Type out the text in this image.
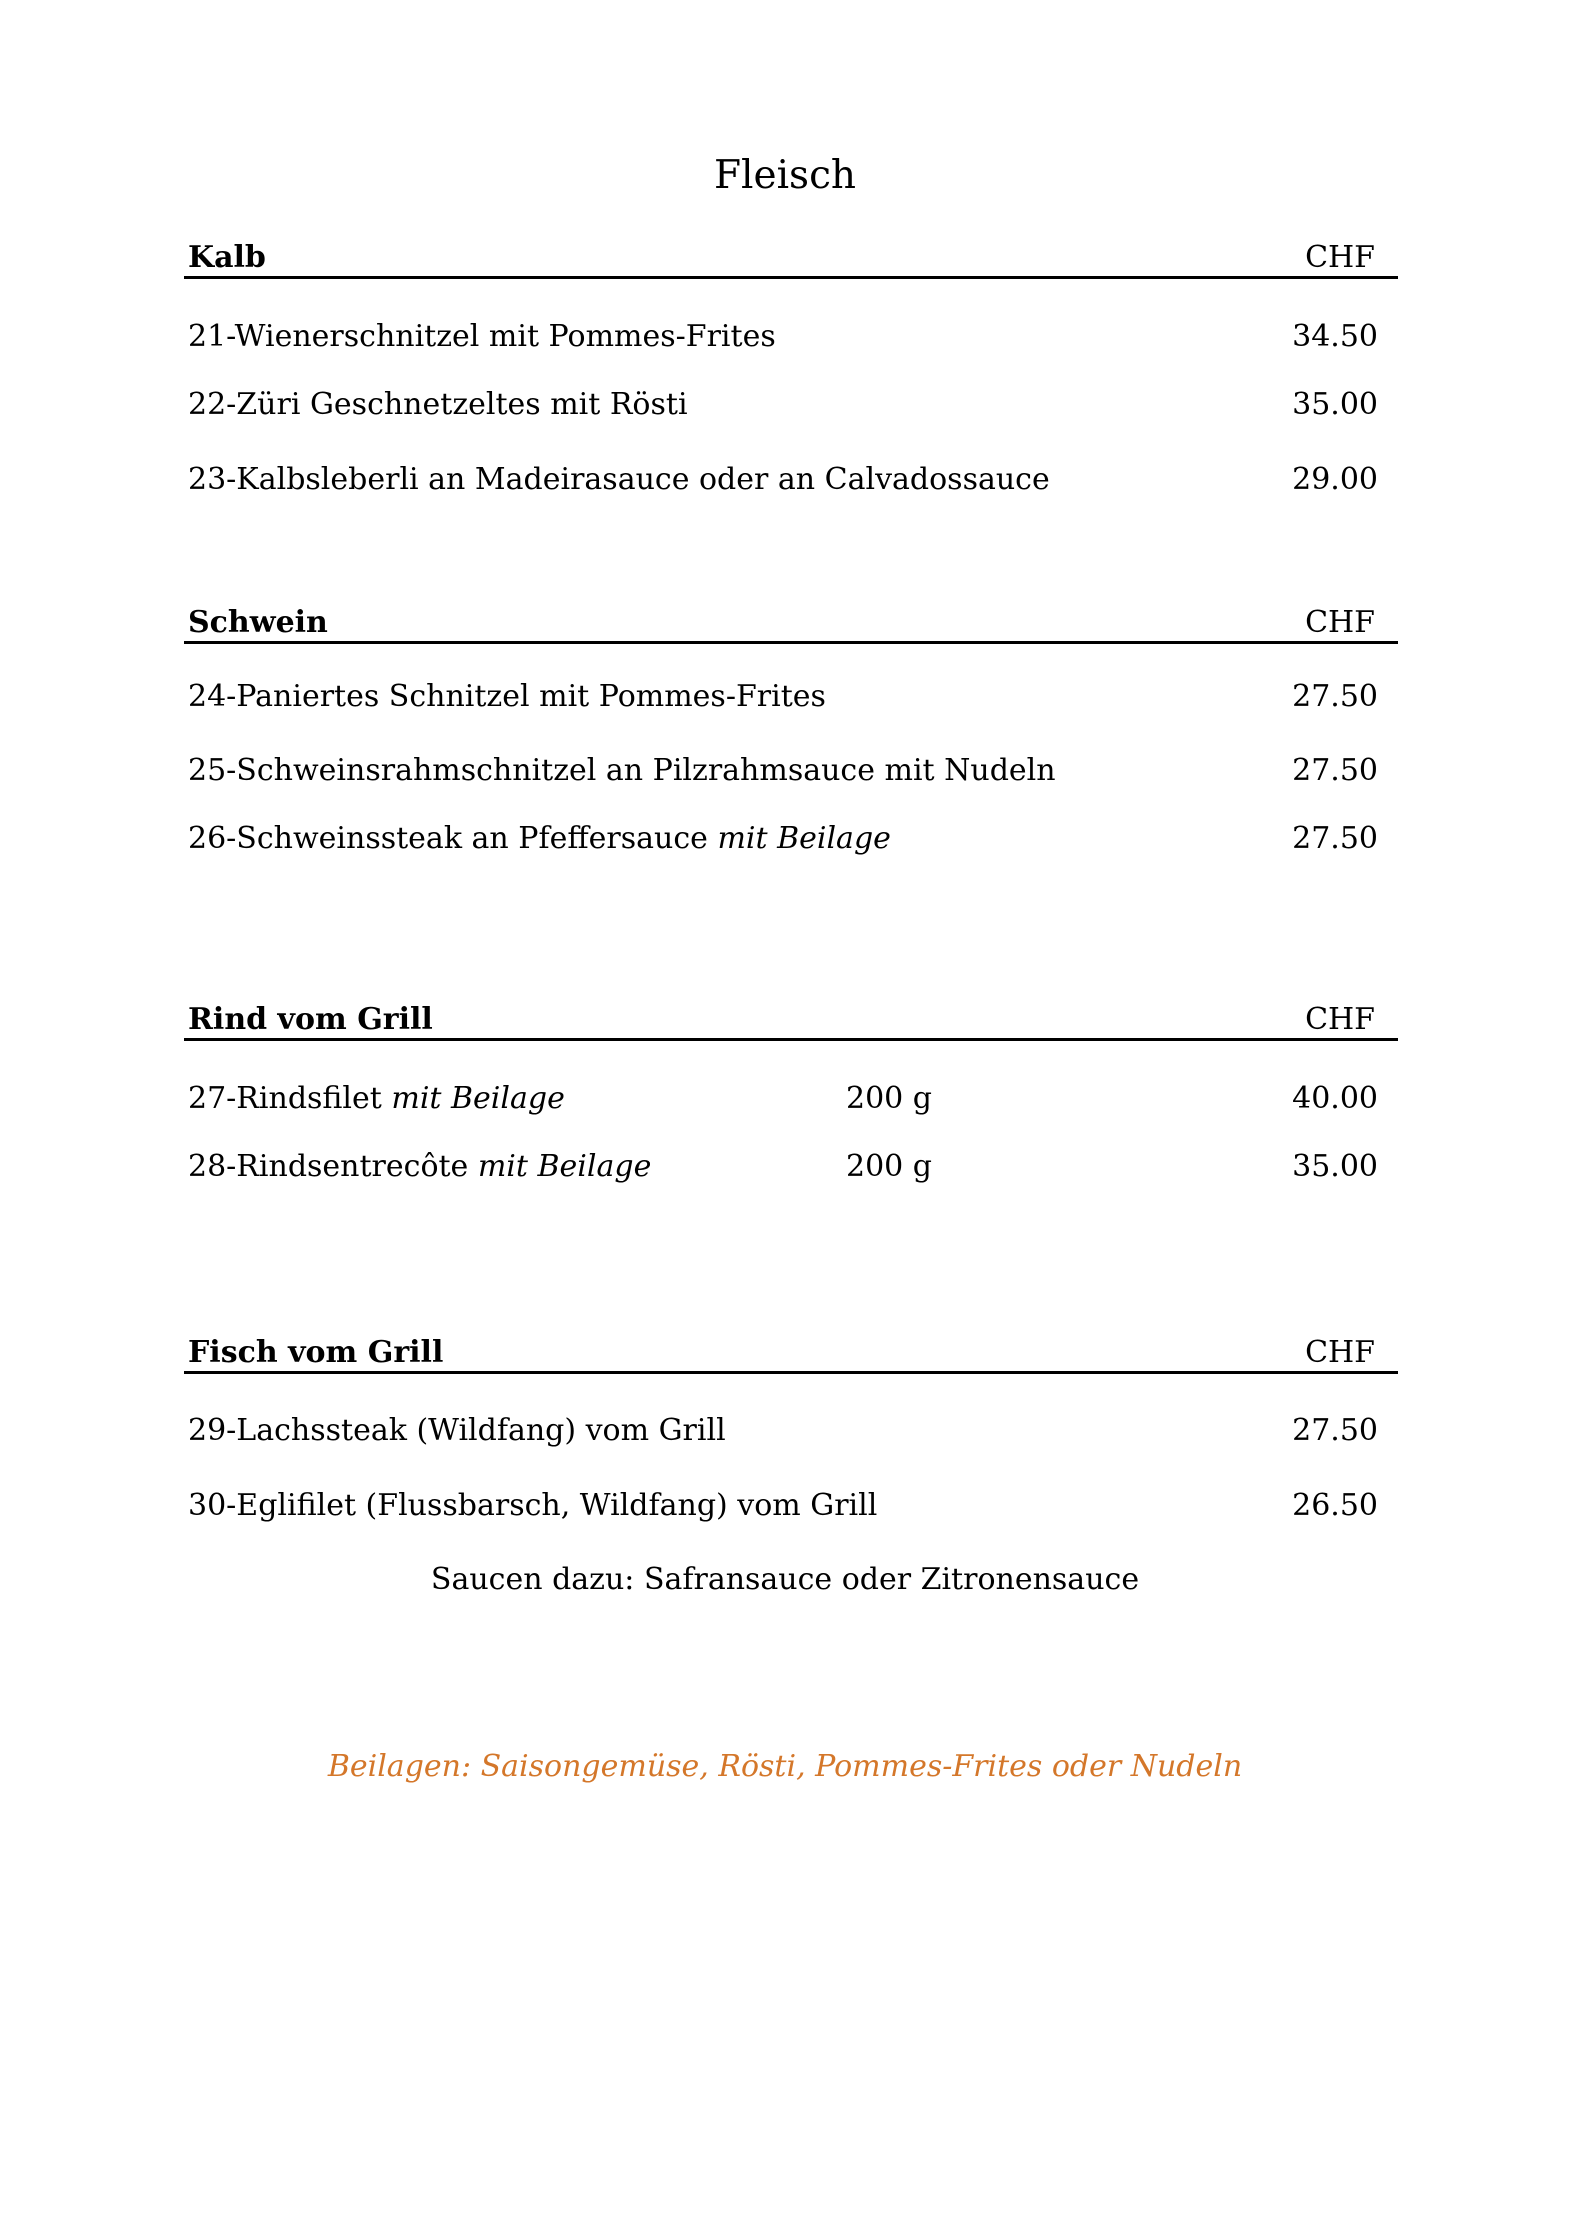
Fleisch
Kalb	CHF
21-Wienerschnitzel mit Pommes-Frites	34.50
22-Züri Geschnetzeltes mit Rösti	35.00
23-Kalbsleberli an Madeirasauce oder an Calvadossauce	29.00
Schwein	CHF
24-Paniertes Schnitzel mit Pommes-Frites	27.50
25-Schweinsrahmschnitzel an Pilzrahmsauce mit Nudeln	27.50
26-Schweinssteak an Pfeffersauce mit Beilage	27.50
Rind vom Grill	CHF
27-Rindsfilet mit Beilage	200 g	40.00
28-Rindsentrecôte mit Beilage	200 g	35.00
Fisch vom Grill	CHF
29-Lachssteak (Wildfang) vom Grill	27.50
30-Eglifilet (Flussbarsch, Wildfang) vom Grill	26.50
Saucen dazu: Safransauce oder Zitronensauce
Beilagen: Saisongemüse, Rösti, Pommes-Frites oder Nudeln
